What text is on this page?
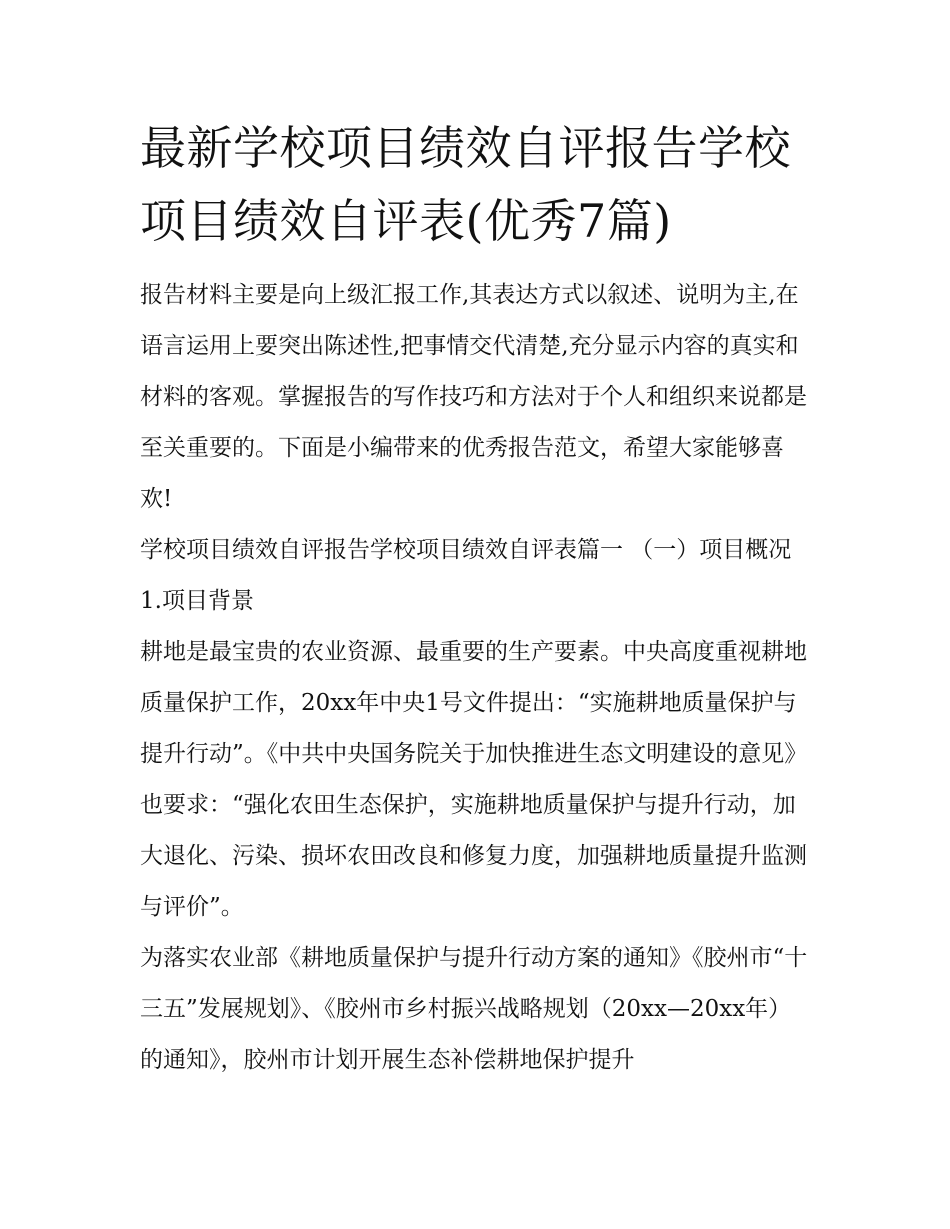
最新学校项目绩效自评报告学校项目绩效自评表(优秀7篇)

报告材料主要是向上级汇报工作,其表达方式以叙述、说明为主,在语言运用上要突出陈述性,把事情交代清楚,充分显示内容的真实和材料的客观。掌握报告的写作技巧和方法对于个人和组织来说都是至关重要的。下面是小编带来的优秀报告范文，希望大家能够喜欢!

学校项目绩效自评报告学校项目绩效自评表篇一 （一）项目概况 1.项目背景

耕地是最宝贵的农业资源、最重要的生产要素。中央高度重视耕地质量保护工作，20xx年中央1号文件提出：“实施耕地质量保护与提升行动”。《中共中央国务院关于加快推进生态文明建设的意见》也要求：“强化农田生态保护，实施耕地质量保护与提升行动，加大退化、污染、损坏农田改良和修复力度，加强耕地质量提升监测与评价”。

为落实农业部《耕地质量保护与提升行动方案的通知》《胶州市“十三五”发展规划》、《胶州市乡村振兴战略规划（20xx—20xx年）的通知》，胶州市计划开展生态补偿耕地保护提升
